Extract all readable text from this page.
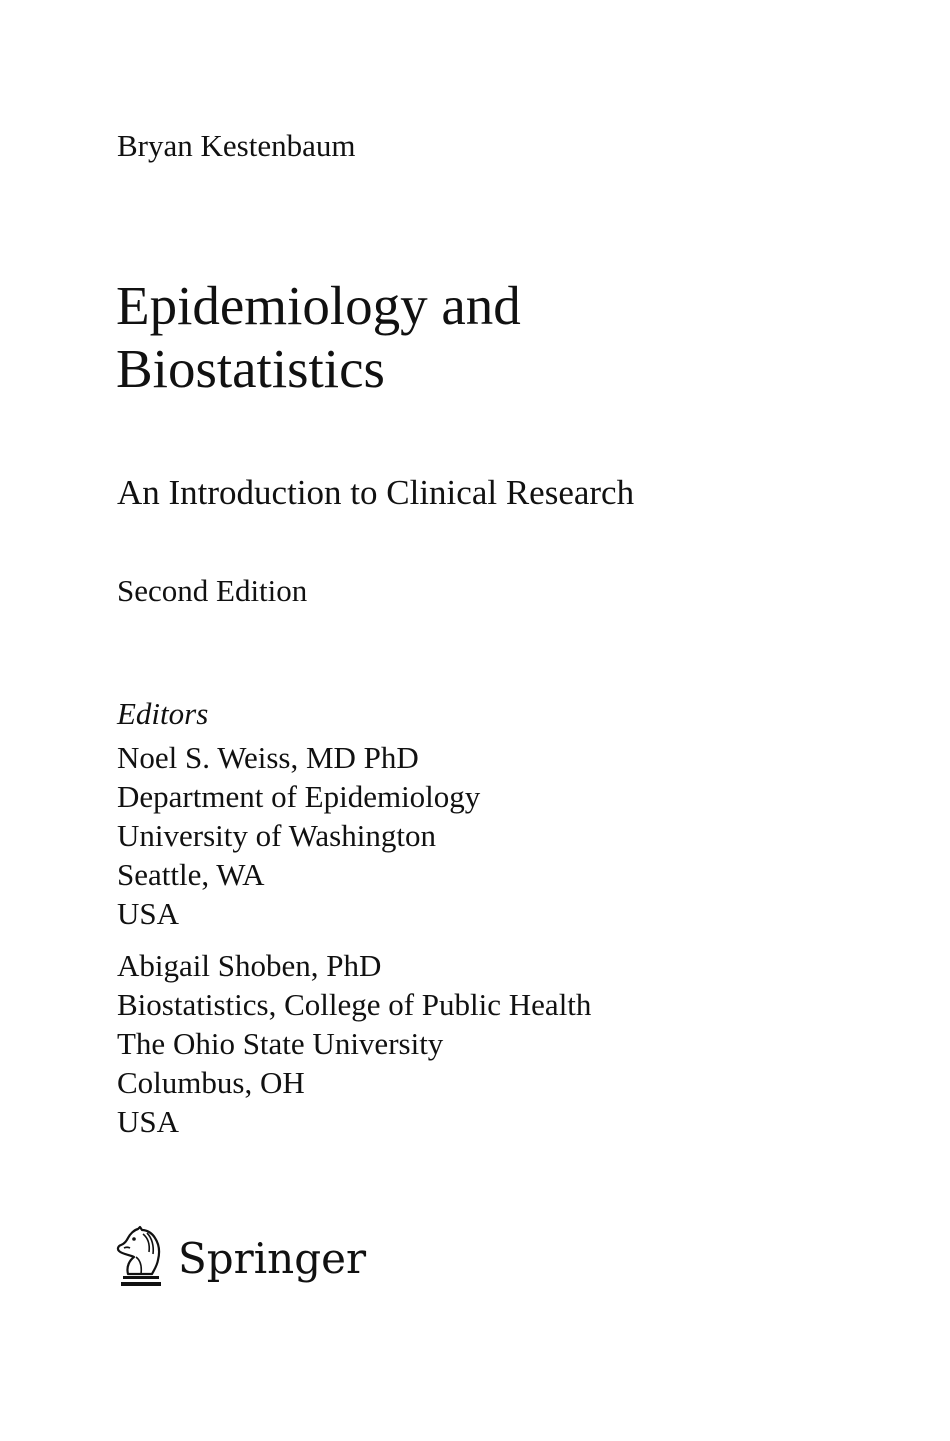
Bryan Kestenbaum
Epidemiology and
Biostatistics
An Introduction to Clinical Research
Second Edition
Editors
Noel S. Weiss, MD PhD
Department of Epidemiology
University of Washington
Seattle, WA
USA
Abigail Shoben, PhD
Biostatistics, College of Public Health
The Ohio State University
Columbus, OH
USA
Springer
